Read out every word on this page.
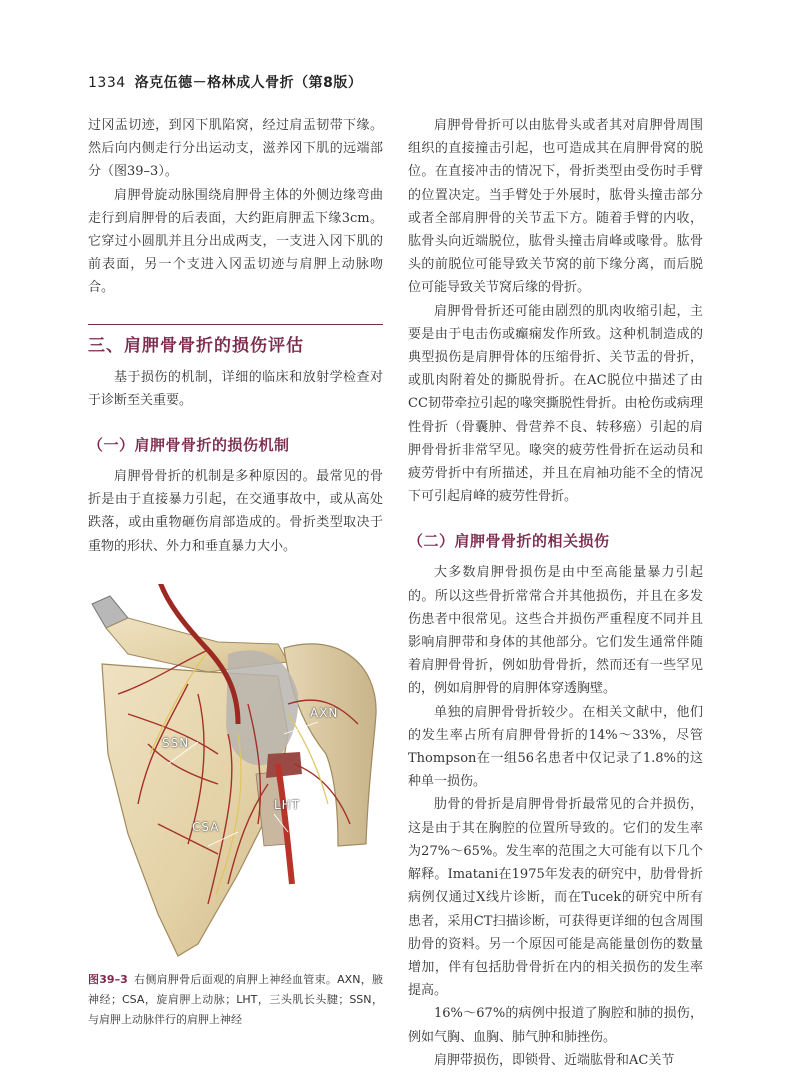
1334 洛克伍德－格林成人骨折（第8版）

过冈盂切迹，到冈下肌陷窝，经过肩盂韧带下缘。然后向内侧走行分出运动支，滋养冈下肌的远端部分（图39–3）。

肩胛骨旋动脉围绕肩胛骨主体的外侧边缘弯曲走行到肩胛骨的后表面，大约距肩胛盂下缘3cm。它穿过小圆肌并且分出成两支，一支进入冈下肌的前表面，另一个支进入冈盂切迹与肩胛上动脉吻合。

三、肩胛骨骨折的损伤评估

基于损伤的机制，详细的临床和放射学检查对于诊断至关重要。

（一）肩胛骨骨折的损伤机制

肩胛骨骨折的机制是多种原因的。最常见的骨折是由于直接暴力引起，在交通事故中，或从高处跌落，或由重物砸伤肩部造成的。骨折类型取决于重物的形状、外力和垂直暴力大小。

AXN
SSN
LHT
CSA
图39–3 右侧肩胛骨后面观的肩胛上神经血管束。AXN，腋神经；CSA，旋肩胛上动脉；LHT，三头肌长头腱；SSN，与肩胛上动脉伴行的肩胛上神经

肩胛骨骨折可以由肱骨头或者其对肩胛骨周围组织的直接撞击引起，也可造成其在肩胛骨窝的脱位。在直接冲击的情况下，骨折类型由受伤时手臂的位置决定。当手臂处于外展时，肱骨头撞击部分或者全部肩胛骨的关节盂下方。随着手臂的内收，肱骨头向近端脱位，肱骨头撞击肩峰或喙骨。肱骨头的前脱位可能导致关节窝的前下缘分离，而后脱位可能导致关节窝后缘的骨折。

肩胛骨骨折还可能由剧烈的肌肉收缩引起，主要是由于电击伤或癫痫发作所致。这种机制造成的典型损伤是肩胛骨体的压缩骨折、关节盂的骨折，或肌肉附着处的撕脱骨折。在AC脱位中描述了由CC韧带牵拉引起的喙突撕脱性骨折。由枪伤或病理性骨折（骨囊肿、骨营养不良、转移癌）引起的肩胛骨骨折非常罕见。喙突的疲劳性骨折在运动员和疲劳骨折中有所描述，并且在肩袖功能不全的情况下可引起肩峰的疲劳性骨折。

（二）肩胛骨骨折的相关损伤

大多数肩胛骨损伤是由中至高能量暴力引起的。所以这些骨折常常合并其他损伤，并且在多发伤患者中很常见。这些合并损伤严重程度不同并且影响肩胛带和身体的其他部分。它们发生通常伴随着肩胛骨骨折，例如肋骨骨折，然而还有一些罕见的，例如肩胛骨的肩胛体穿透胸壁。

单独的肩胛骨骨折较少。在相关文献中，他们的发生率占所有肩胛骨骨折的14%～33%，尽管Thompson在一组56名患者中仅记录了1.8%的这种单一损伤。

肋骨的骨折是肩胛骨骨折最常见的合并损伤，这是由于其在胸腔的位置所导致的。它们的发生率为27%～65%。发生率的范围之大可能有以下几个解释。Imatani在1975年发表的研究中，肋骨骨折病例仅通过X线片诊断，而在Tucek的研究中所有患者，采用CT扫描诊断，可获得更详细的包含周围肋骨的资料。另一个原因可能是高能量创伤的数量增加，伴有包括肋骨骨折在内的相关损伤的发生率提高。

16%～67%的病例中报道了胸腔和肺的损伤，例如气胸、血胸、肺气肿和肺挫伤。

肩胛带损伤，即锁骨、近端肱骨和AC关节
